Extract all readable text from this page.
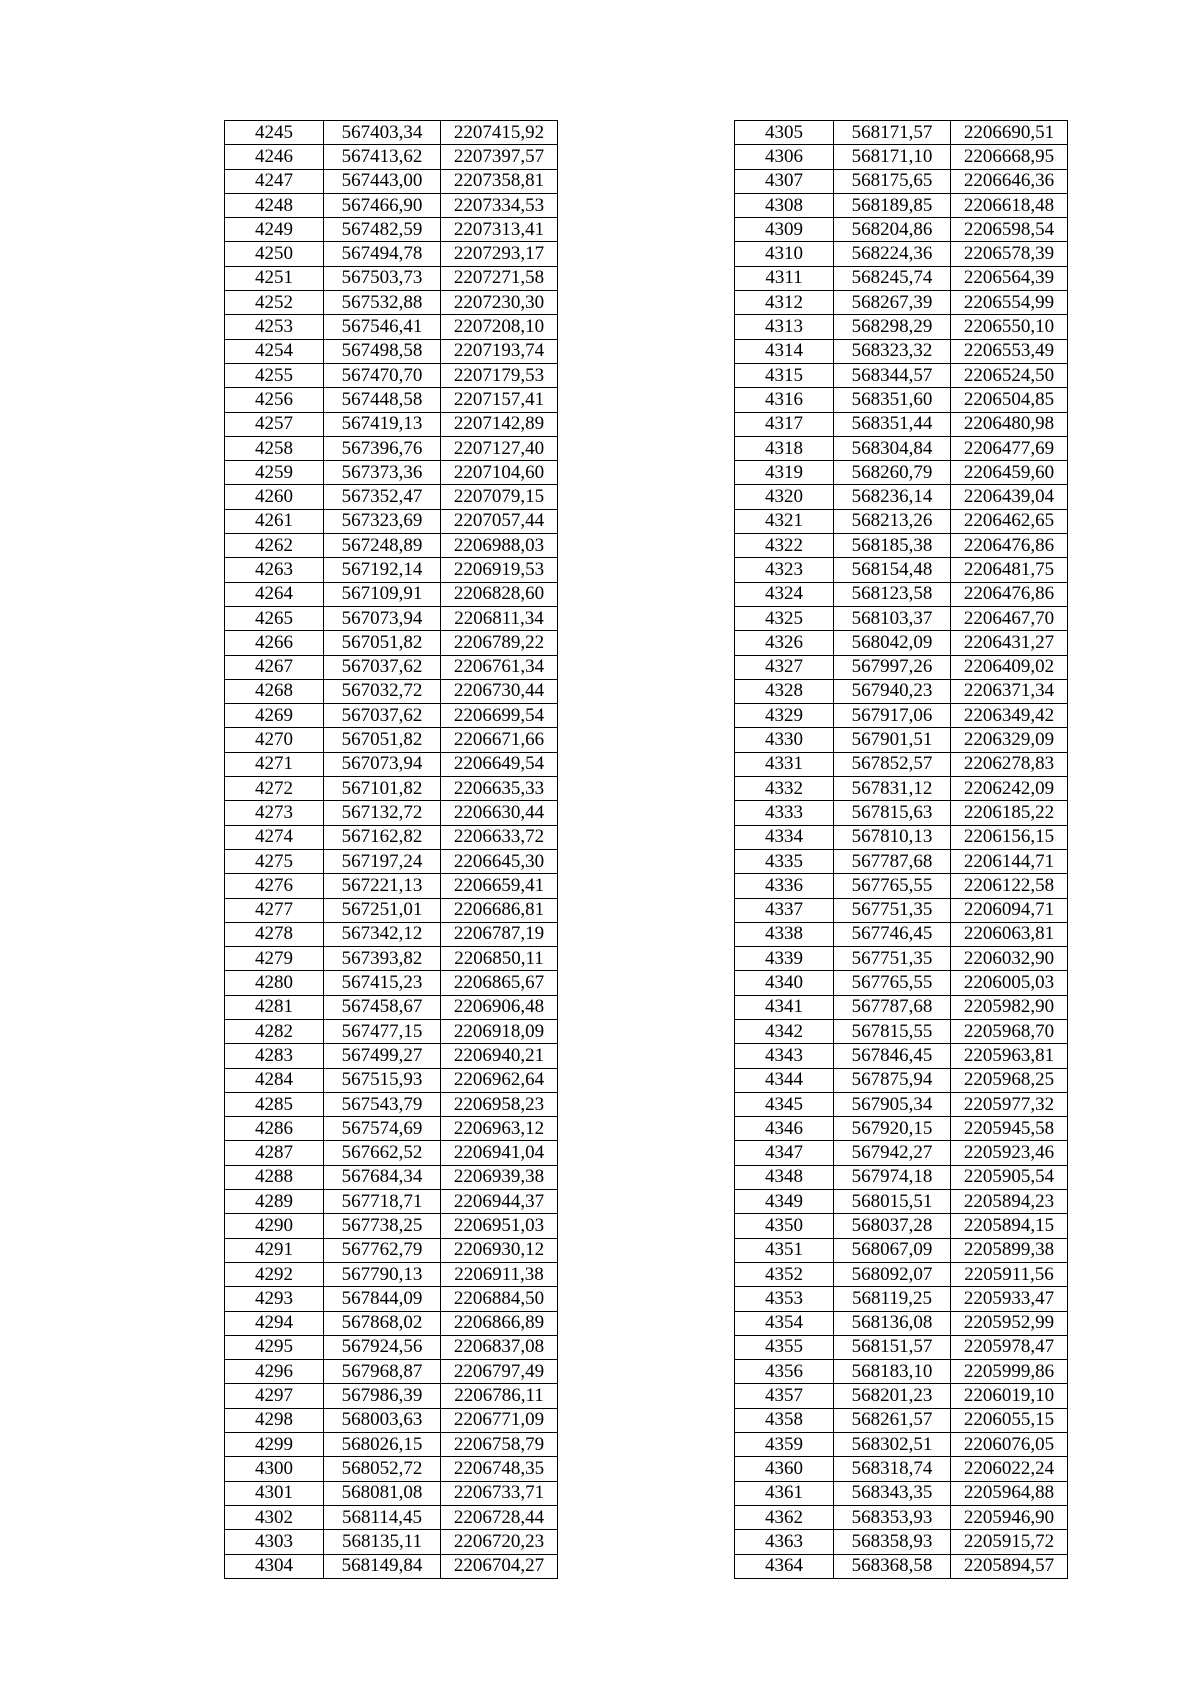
4245	567403,34	2207415,92
4246	567413,62	2207397,57
4247	567443,00	2207358,81
4248	567466,90	2207334,53
4249	567482,59	2207313,41
4250	567494,78	2207293,17
4251	567503,73	2207271,58
4252	567532,88	2207230,30
4253	567546,41	2207208,10
4254	567498,58	2207193,74
4255	567470,70	2207179,53
4256	567448,58	2207157,41
4257	567419,13	2207142,89
4258	567396,76	2207127,40
4259	567373,36	2207104,60
4260	567352,47	2207079,15
4261	567323,69	2207057,44
4262	567248,89	2206988,03
4263	567192,14	2206919,53
4264	567109,91	2206828,60
4265	567073,94	2206811,34
4266	567051,82	2206789,22
4267	567037,62	2206761,34
4268	567032,72	2206730,44
4269	567037,62	2206699,54
4270	567051,82	2206671,66
4271	567073,94	2206649,54
4272	567101,82	2206635,33
4273	567132,72	2206630,44
4274	567162,82	2206633,72
4275	567197,24	2206645,30
4276	567221,13	2206659,41
4277	567251,01	2206686,81
4278	567342,12	2206787,19
4279	567393,82	2206850,11
4280	567415,23	2206865,67
4281	567458,67	2206906,48
4282	567477,15	2206918,09
4283	567499,27	2206940,21
4284	567515,93	2206962,64
4285	567543,79	2206958,23
4286	567574,69	2206963,12
4287	567662,52	2206941,04
4288	567684,34	2206939,38
4289	567718,71	2206944,37
4290	567738,25	2206951,03
4291	567762,79	2206930,12
4292	567790,13	2206911,38
4293	567844,09	2206884,50
4294	567868,02	2206866,89
4295	567924,56	2206837,08
4296	567968,87	2206797,49
4297	567986,39	2206786,11
4298	568003,63	2206771,09
4299	568026,15	2206758,79
4300	568052,72	2206748,35
4301	568081,08	2206733,71
4302	568114,45	2206728,44
4303	568135,11	2206720,23
4304	568149,84	2206704,27
4305	568171,57	2206690,51
4306	568171,10	2206668,95
4307	568175,65	2206646,36
4308	568189,85	2206618,48
4309	568204,86	2206598,54
4310	568224,36	2206578,39
4311	568245,74	2206564,39
4312	568267,39	2206554,99
4313	568298,29	2206550,10
4314	568323,32	2206553,49
4315	568344,57	2206524,50
4316	568351,60	2206504,85
4317	568351,44	2206480,98
4318	568304,84	2206477,69
4319	568260,79	2206459,60
4320	568236,14	2206439,04
4321	568213,26	2206462,65
4322	568185,38	2206476,86
4323	568154,48	2206481,75
4324	568123,58	2206476,86
4325	568103,37	2206467,70
4326	568042,09	2206431,27
4327	567997,26	2206409,02
4328	567940,23	2206371,34
4329	567917,06	2206349,42
4330	567901,51	2206329,09
4331	567852,57	2206278,83
4332	567831,12	2206242,09
4333	567815,63	2206185,22
4334	567810,13	2206156,15
4335	567787,68	2206144,71
4336	567765,55	2206122,58
4337	567751,35	2206094,71
4338	567746,45	2206063,81
4339	567751,35	2206032,90
4340	567765,55	2206005,03
4341	567787,68	2205982,90
4342	567815,55	2205968,70
4343	567846,45	2205963,81
4344	567875,94	2205968,25
4345	567905,34	2205977,32
4346	567920,15	2205945,58
4347	567942,27	2205923,46
4348	567974,18	2205905,54
4349	568015,51	2205894,23
4350	568037,28	2205894,15
4351	568067,09	2205899,38
4352	568092,07	2205911,56
4353	568119,25	2205933,47
4354	568136,08	2205952,99
4355	568151,57	2205978,47
4356	568183,10	2205999,86
4357	568201,23	2206019,10
4358	568261,57	2206055,15
4359	568302,51	2206076,05
4360	568318,74	2206022,24
4361	568343,35	2205964,88
4362	568353,93	2205946,90
4363	568358,93	2205915,72
4364	568368,58	2205894,57
